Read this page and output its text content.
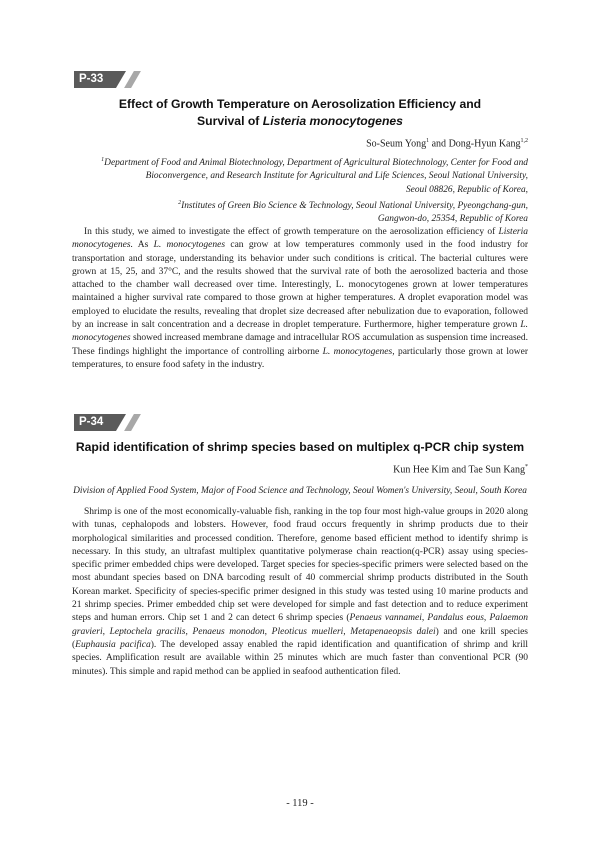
P-33
Effect of Growth Temperature on Aerosolization Efficiency and
Survival of Listeria monocytogenes
So-Seum Yong$^1$ and Dong-Hyun Kang$^{1,2}$
$^1$Department of Food and Animal Biotechnology, Department of Agricultural Biotechnology, Center for Food and
Bioconvergence, and Research Institute for Agricultural and Life Sciences, Seoul National University,
Seoul 08826, Republic of Korea,
$^2$Institutes of Green Bio Science & Technology, Seoul National University, Pyeongchang-gun,
Gangwon-do, 25354, Republic of Korea

In this study, we aimed to investigate the effect of growth temperature on the aerosolization efficiency of Listeria monocytogenes. As L. monocytogenes can grow at low temperatures commonly used in the food industry for transportation and storage, understanding its behavior under such conditions is critical. The bacterial cultures were grown at 15, 25, and 37°C, and the results showed that the survival rate of both the aerosolized bacteria and those attached to the chamber wall decreased over time. Interestingly, L. monocytogenes grown at lower temperatures maintained a higher survival rate compared to those grown at higher temperatures. A droplet evaporation model was employed to elucidate the results, revealing that droplet size decreased after nebulization due to evaporation, followed by an increase in salt concentration and a decrease in droplet temperature. Furthermore, higher temperature grown L. monocytogenes showed increased membrane damage and intracellular ROS accumulation as suspension time increased. These findings highlight the importance of controlling airborne L. monocytogenes, particularly those grown at lower temperatures, to ensure food safety in the industry.

P-34
Rapid identification of shrimp species based on multiplex q-PCR chip system
Kun Hee Kim and Tae Sun Kang*
Division of Applied Food System, Major of Food Science and Technology, Seoul Women's University, Seoul, South Korea

Shrimp is one of the most economically-valuable fish, ranking in the top four most high-value groups in 2020 along with tunas, cephalopods and lobsters. However, food fraud occurs frequently in shrimp products due to their morphological similarities and processed condition. Therefore, genome based efficient method to identify shrimp is necessary. In this study, an ultrafast multiplex quantitative polymerase chain reaction(q-PCR) assay using species-specific primer embedded chips were developed. Target species for species-specific primers were selected based on the most abundant species based on DNA barcoding result of 40 commercial shrimp products distributed in the South Korean market. Specificity of species-specific primer designed in this study was tested using 10 marine products and 21 shrimp species. Primer embedded chip set were developed for simple and fast detection and to reduce experiment steps and human errors. Chip set 1 and 2 can detect 6 shrimp species (Penaeus vannamei, Pandalus eous, Palaemon gravieri, Leptochela gracilis, Penaeus monodon, Pleoticus muelleri, Metapenaeopsis dalei) and one krill species (Euphausia pacifica). The developed assay enabled the rapid identification and quantification of shrimp and krill species. Amplification result are available within 25 minutes which are much faster than conventional PCR (90 minutes). This simple and rapid method can be applied in seafood authentication filed.

- 119 -
